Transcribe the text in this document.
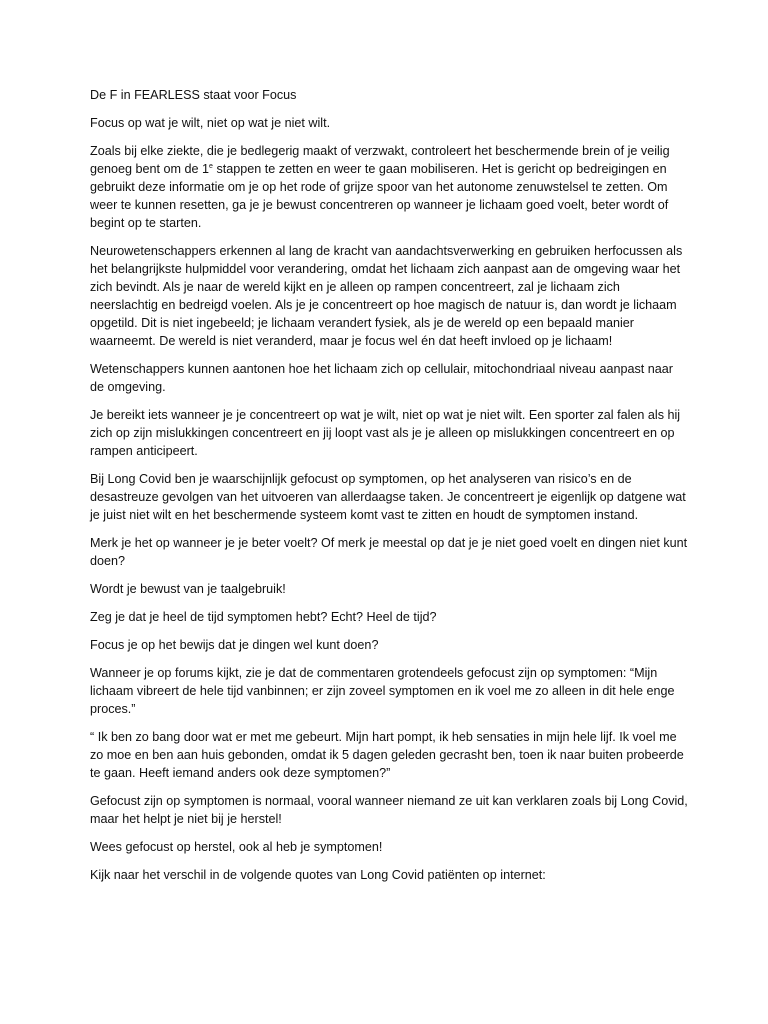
De F in FEARLESS staat voor Focus

Focus op wat je wilt, niet op wat je niet wilt.

Zoals bij elke ziekte, die je bedlegerig maakt of verzwakt, controleert het beschermende brein of je veilig genoeg bent om de 1e stappen te zetten en weer te gaan mobiliseren. Het is gericht op bedreigingen en gebruikt deze informatie om je op het rode of grijze spoor van het autonome zenuwstelsel te zetten. Om weer te kunnen resetten, ga je je bewust concentreren op wanneer je lichaam goed voelt, beter wordt of begint op te starten.

Neurowetenschappers erkennen al lang de kracht van aandachtsverwerking en gebruiken herfocussen als het belangrijkste hulpmiddel voor verandering, omdat het lichaam zich aanpast aan de omgeving waar het zich bevindt. Als je naar de wereld kijkt en je alleen op rampen concentreert, zal je lichaam zich neerslachtig en bedreigd voelen. Als je je concentreert op hoe magisch de natuur is, dan wordt je lichaam opgetild. Dit is niet ingebeeld; je lichaam verandert fysiek, als je de wereld op een bepaald manier waarneemt. De wereld is niet veranderd, maar je focus wel én dat heeft invloed op je lichaam!

Wetenschappers kunnen aantonen hoe het lichaam zich op cellulair, mitochondriaal niveau aanpast naar de omgeving.

Je bereikt iets wanneer je je concentreert op wat je wilt, niet op wat je niet wilt. Een sporter zal falen als hij zich op zijn mislukkingen concentreert en jij loopt vast als je je alleen op mislukkingen concentreert en op rampen anticipeert.

Bij Long Covid ben je waarschijnlijk gefocust op symptomen, op het analyseren van risico’s en de desastreuze gevolgen van het uitvoeren van allerdaagse taken. Je concentreert je eigenlijk op datgene wat je juist niet wilt en het beschermende systeem komt vast te zitten en houdt de symptomen instand.

Merk je het op wanneer je je beter voelt? Of merk je meestal op dat je je niet goed voelt en dingen niet kunt doen?

Wordt je bewust van je taalgebruik!

Zeg je dat je heel de tijd symptomen hebt? Echt? Heel de tijd?

Focus je op het bewijs dat je dingen wel kunt doen?

Wanneer je op forums kijkt, zie je dat de commentaren grotendeels gefocust zijn op symptomen: “Mijn lichaam vibreert de hele tijd vanbinnen; er zijn zoveel symptomen en ik voel me zo alleen in dit hele enge proces.”

“ Ik ben zo bang door wat er met me gebeurt. Mijn hart pompt, ik heb sensaties in mijn hele lijf. Ik voel me zo moe en ben aan huis gebonden, omdat ik 5 dagen geleden gecrasht ben, toen ik naar buiten probeerde te gaan. Heeft iemand anders ook deze symptomen?”

Gefocust zijn op symptomen is normaal, vooral wanneer niemand ze uit kan verklaren zoals bij Long Covid, maar het helpt je niet bij je herstel!

Wees gefocust op herstel, ook al heb je symptomen!

Kijk naar het verschil in de volgende quotes van Long Covid patiënten op internet:
